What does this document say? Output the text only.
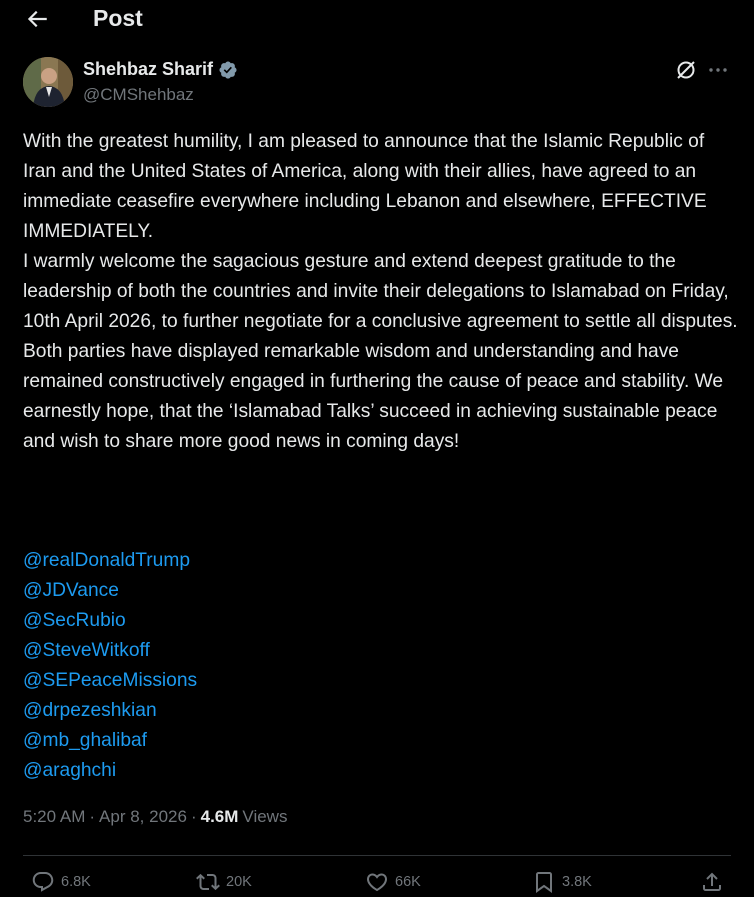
Post
Shehbaz Sharif
@CMShehbaz
With the greatest humility, I am pleased to announce that the Islamic Republic of Iran and the United States of America, along with their allies, have agreed to an immediate ceasefire everywhere including Lebanon and elsewhere, EFFECTIVE IMMEDIATELY.
I warmly welcome the sagacious gesture and extend deepest gratitude to the leadership of both the countries and invite their delegations to Islamabad on Friday, 10th April 2026, to further negotiate for a conclusive agreement to settle all disputes.
Both parties have displayed remarkable wisdom and understanding and have remained constructively engaged in furthering the cause of peace and stability. We earnestly hope, that the ‘Islamabad Talks’ succeed in achieving sustainable peace and wish to share more good news in coming days!
@realDonaldTrump
@JDVance
@SecRubio
@SteveWitkoff
@SEPeaceMissions
@drpezeshkian
@mb_ghalibaf
@araghchi
5:20 AM · Apr 8, 2026 · 4.6M Views
6.8K	20K	66K	3.8K
